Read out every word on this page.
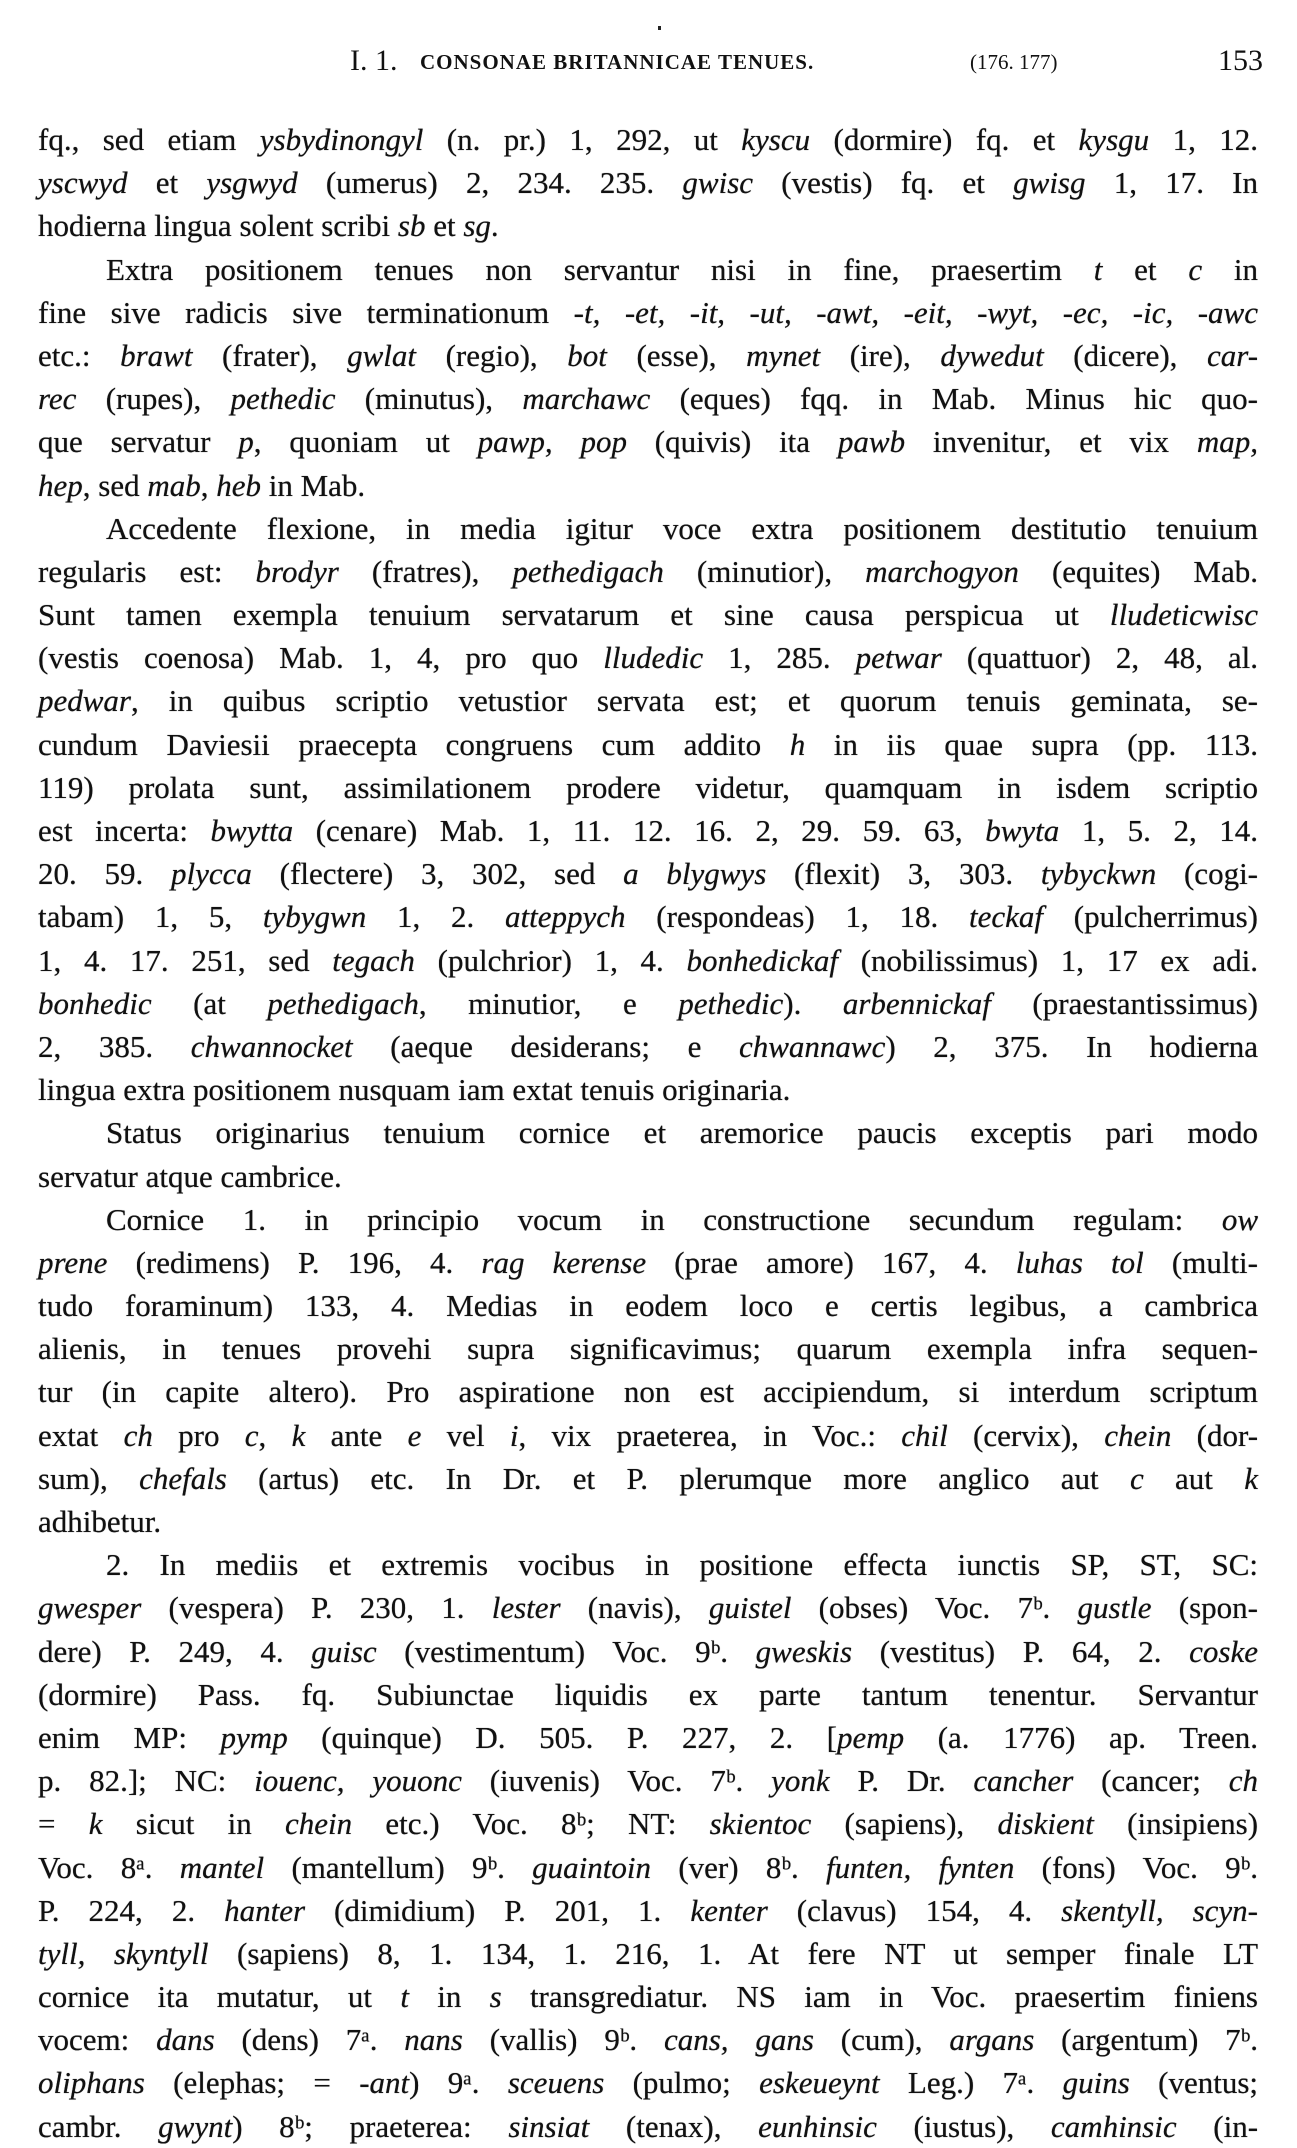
I. 1. CONSONAE BRITANNICAE TENUES.	(176. 177)	153
fq., sed etiam ysbydinongyl (n. pr.) 1, 292, ut kyscu (dormire) fq. et kysgu 1, 12.
yscwyd et ysgwyd (umerus) 2, 234. 235. gwisc (vestis) fq. et gwisg 1, 17. In
hodierna lingua solent scribi sb et sg.
Extra positionem tenues non servantur nisi in fine, praesertim t et c in
fine sive radicis sive terminationum -t, -et, -it, -ut, -awt, -eit, -wyt, -ec, -ic, -awc
etc.: brawt (frater), gwlat (regio), bot (esse), mynet (ire), dywedut (dicere), car-
rec (rupes), pethedic (minutus), marchawc (eques) fqq. in Mab. Minus hic quo-
que servatur p, quoniam ut pawp, pop (quivis) ita pawb invenitur, et vix map,
hep, sed mab, heb in Mab.
Accedente flexione, in media igitur voce extra positionem destitutio tenuium
regularis est: brodyr (fratres), pethedigach (minutior), marchogyon (equites) Mab.
Sunt tamen exempla tenuium servatarum et sine causa perspicua ut lludeticwisc
(vestis coenosa) Mab. 1, 4, pro quo lludedic 1, 285. petwar (quattuor) 2, 48, al.
pedwar, in quibus scriptio vetustior servata est; et quorum tenuis geminata, se-
cundum Daviesii praecepta congruens cum addito h in iis quae supra (pp. 113.
119) prolata sunt, assimilationem prodere videtur, quamquam in isdem scriptio
est incerta: bwytta (cenare) Mab. 1, 11. 12. 16. 2, 29. 59. 63, bwyta 1, 5. 2, 14.
20. 59. plycca (flectere) 3, 302, sed a blygwys (flexit) 3, 303. tybyckwn (cogi-
tabam) 1, 5, tybygwn 1, 2. atteppych (respondeas) 1, 18. teckaf (pulcherrimus)
1, 4. 17. 251, sed tegach (pulchrior) 1, 4. bonhedickaf (nobilissimus) 1, 17 ex adi.
bonhedic (at pethedigach, minutior, e pethedic). arbennickaf (praestantissimus)
2, 385. chwannocket (aeque desiderans; e chwannawc) 2, 375. In hodierna
lingua extra positionem nusquam iam extat tenuis originaria.
Status originarius tenuium cornice et aremorice paucis exceptis pari modo
servatur atque cambrice.
Cornice 1. in principio vocum in constructione secundum regulam: ow
prene (redimens) P. 196, 4. rag kerense (prae amore) 167, 4. luhas tol (multi-
tudo foraminum) 133, 4. Medias in eodem loco e certis legibus, a cambrica
alienis, in tenues provehi supra significavimus; quarum exempla infra sequen-
tur (in capite altero). Pro aspiratione non est accipiendum, si interdum scriptum
extat ch pro c, k ante e vel i, vix praeterea, in Voc.: chil (cervix), chein (dor-
sum), chefals (artus) etc. In Dr. et P. plerumque more anglico aut c aut k
adhibetur.
2. In mediis et extremis vocibus in positione effecta iunctis SP, ST, SC:
gwesper (vespera) P. 230, 1. lester (navis), guistel (obses) Voc. 7ᵇ. gustle (spon-
dere) P. 249, 4. guisc (vestimentum) Voc. 9ᵇ. gweskis (vestitus) P. 64, 2. coske
(dormire) Pass. fq. Subiunctae liquidis ex parte tantum tenentur. Servantur
enim MP: pymp (quinque) D. 505. P. 227, 2. [pemp (a. 1776) ap. Treen.
p. 82.]; NC: iouenc, youonc (iuvenis) Voc. 7ᵇ. yonk P. Dr. cancher (cancer; ch
= k sicut in chein etc.) Voc. 8ᵇ; NT: skientoc (sapiens), diskient (insipiens)
Voc. 8ᵃ. mantel (mantellum) 9ᵇ. guaintoin (ver) 8ᵇ. funten, fynten (fons) Voc. 9ᵇ.
P. 224, 2. hanter (dimidium) P. 201, 1. kenter (clavus) 154, 4. skentyll, scyn-
tyll, skyntyll (sapiens) 8, 1. 134, 1. 216, 1. At fere NT ut semper finale LT
cornice ita mutatur, ut t in s transgrediatur. NS iam in Voc. praesertim finiens
vocem: dans (dens) 7ᵃ. nans (vallis) 9ᵇ. cans, gans (cum), argans (argentum) 7ᵇ.
oliphans (elephas; = -ant) 9ᵃ. sceuens (pulmo; eskeueynt Leg.) 7ᵃ. guins (ventus;
cambr. gwynt) 8ᵇ; praeterea: sinsiat (tenax), eunhinsic (iustus), camhinsic (in-
